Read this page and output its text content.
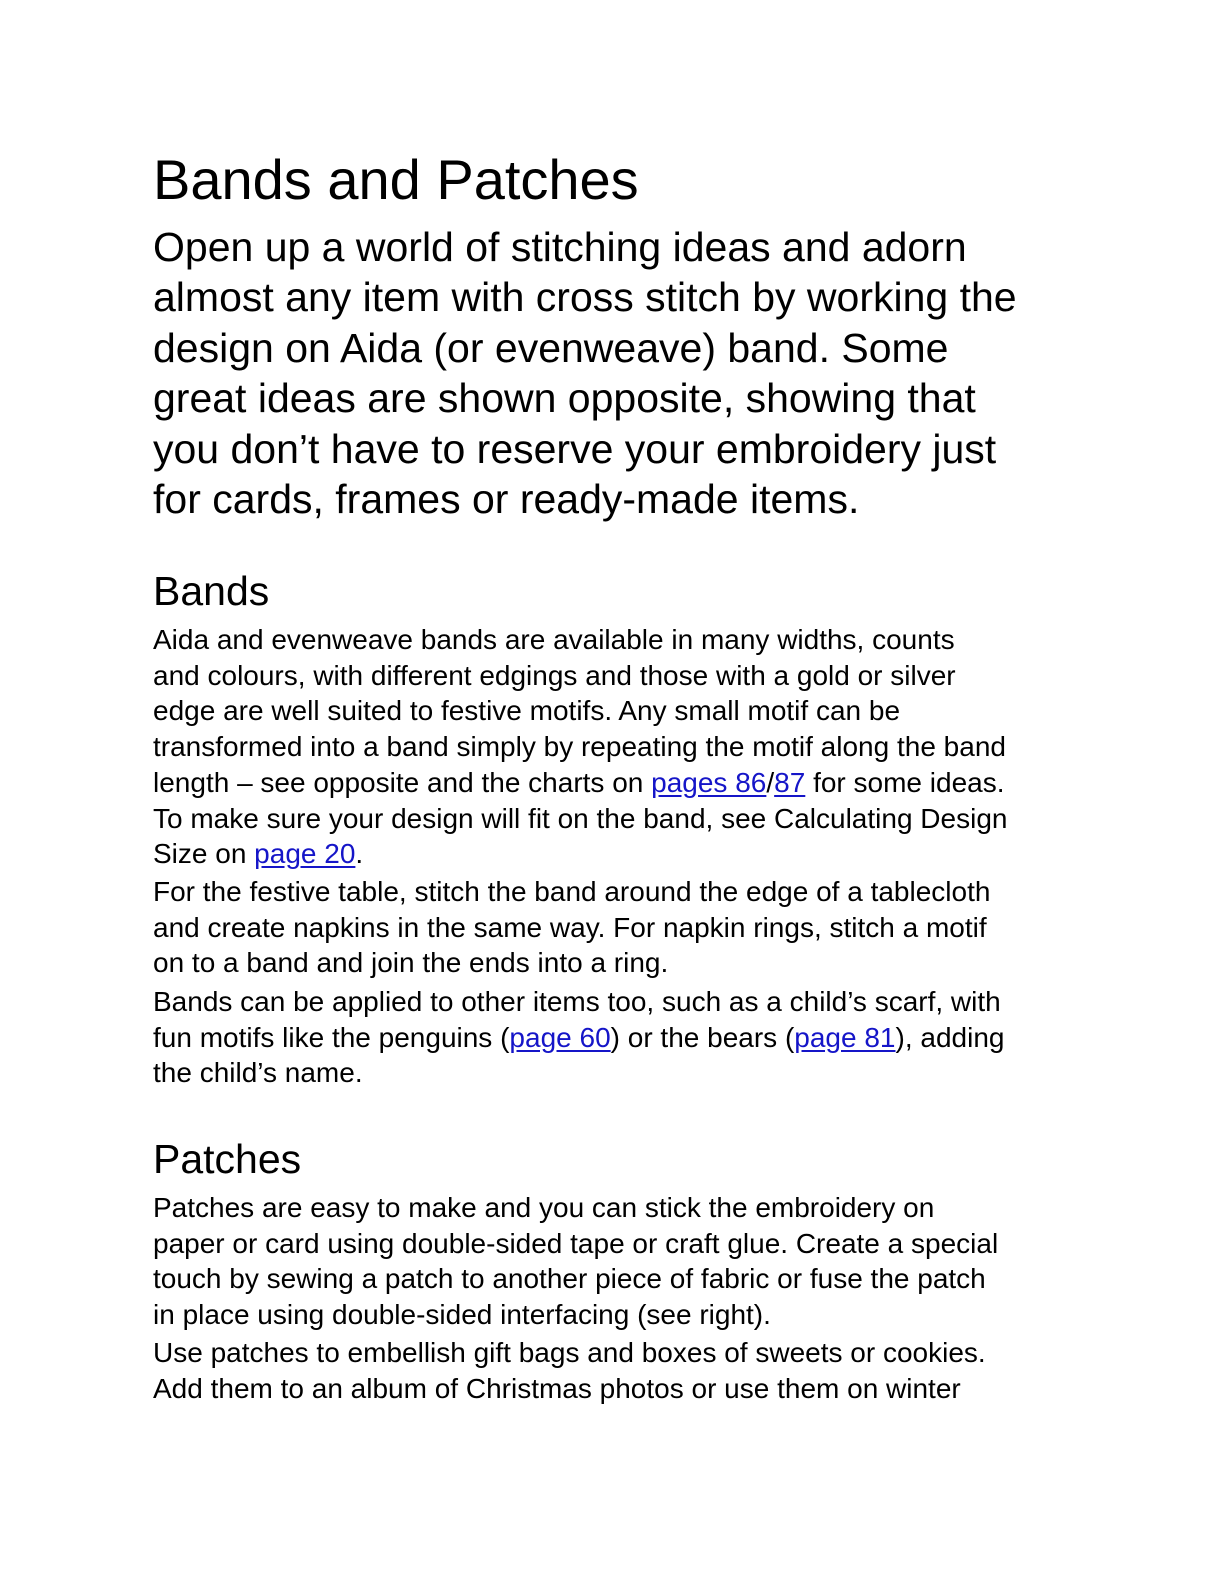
Bands and Patches

Open up a world of stitching ideas and adorn
almost any item with cross stitch by working the
design on Aida (or evenweave) band. Some
great ideas are shown opposite, showing that
you don’t have to reserve your embroidery just
for cards, frames or ready-made items.

Bands

Aida and evenweave bands are available in many widths, counts
and colours, with different edgings and those with a gold or silver
edge are well suited to festive motifs. Any small motif can be
transformed into a band simply by repeating the motif along the band
length – see opposite and the charts on pages 86/87 for some ideas.
To make sure your design will fit on the band, see Calculating Design
Size on page 20.

For the festive table, stitch the band around the edge of a tablecloth
and create napkins in the same way. For napkin rings, stitch a motif
on to a band and join the ends into a ring.

Bands can be applied to other items too, such as a child’s scarf, with
fun motifs like the penguins (page 60) or the bears (page 81), adding
the child’s name.

Patches

Patches are easy to make and you can stick the embroidery on
paper or card using double-sided tape or craft glue. Create a special
touch by sewing a patch to another piece of fabric or fuse the patch
in place using double-sided interfacing (see right).

Use patches to embellish gift bags and boxes of sweets or cookies.
Add them to an album of Christmas photos or use them on winter
